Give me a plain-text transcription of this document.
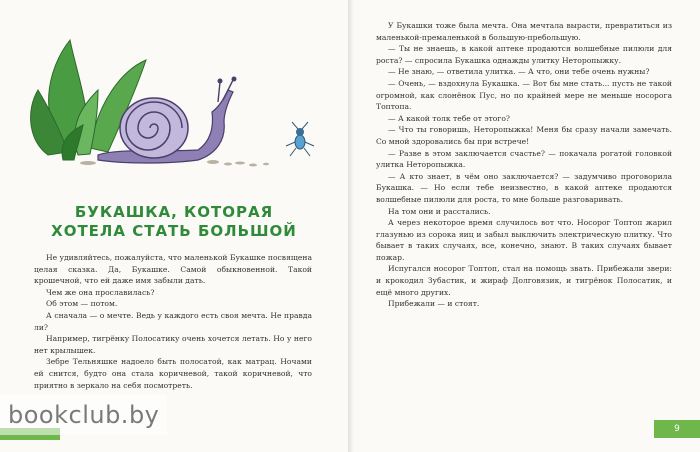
БУКАШКА, КОТОРАЯ
ХОТЕЛА СТАТЬ БОЛЬШОЙ

Не удивляйтесь, пожалуйста, что маленькой Букашке посвящена целая сказка. Да, Букашке. Самой обыкновенной. Такой крошечной, что ей даже имя забыли дать.

Чем же она прославилась?

Об этом — потом.

А сначала — о мечте. Ведь у каждого есть своя мечта. Не правда ли?

Например, тигрёнку Полосатику очень хочется летать. Но у него нет крылышек.

Зебре Тельняшке надоело быть полосатой, как матрац. Ночами ей снится, будто она стала коричневой, такой коричневой, что приятно в зеркало на себя посмотреть.

У Букашки тоже была мечта. Она мечтала вырасти, превратиться из маленькой-премаленькой в большую-пребольшую.

— Ты не знаешь, в какой аптеке продаются волшебные пилюли для роста? — спросила Букашка однажды улитку Неторопыжку.

— Не знаю, — ответила улитка. — А что, они тебе очень нужны?

— Очень, — вздохнула Букашка. — Вот бы мне стать... пусть не такой огромной, как слонёнок Пус, но по крайней мере не меньше носорога Топтопа.

— А какой толк тебе от этого?

— Что ты говоришь, Неторопыжка! Меня бы сразу начали замечать. Со мной здоровались бы при встрече!

— Разве в этом заключается счастье? — покачала рогатой головкой улитка Неторопыжка.

— А кто знает, в чём оно заключается? — задумчиво проговорила Букашка. — Но если тебе неизвестно, в какой аптеке продаются волшебные пилюли для роста, то мне больше разговаривать.

На том они и расстались.

А через некоторое время случилось вот что. Носорог Топтоп жарил глазунью из сорока яиц и забыл выключить электрическую плитку. Что бывает в таких случаях, все, конечно, знают. В таких случаях бывает пожар.

Испугался носорог Топтоп, стал на помощь звать. Прибежали звери: и крокодил Зубастик, и жираф Долговязик, и тигрёнок Полосатик, и ещё много других.

Прибежали — и стоят.

9
bookclub.by
